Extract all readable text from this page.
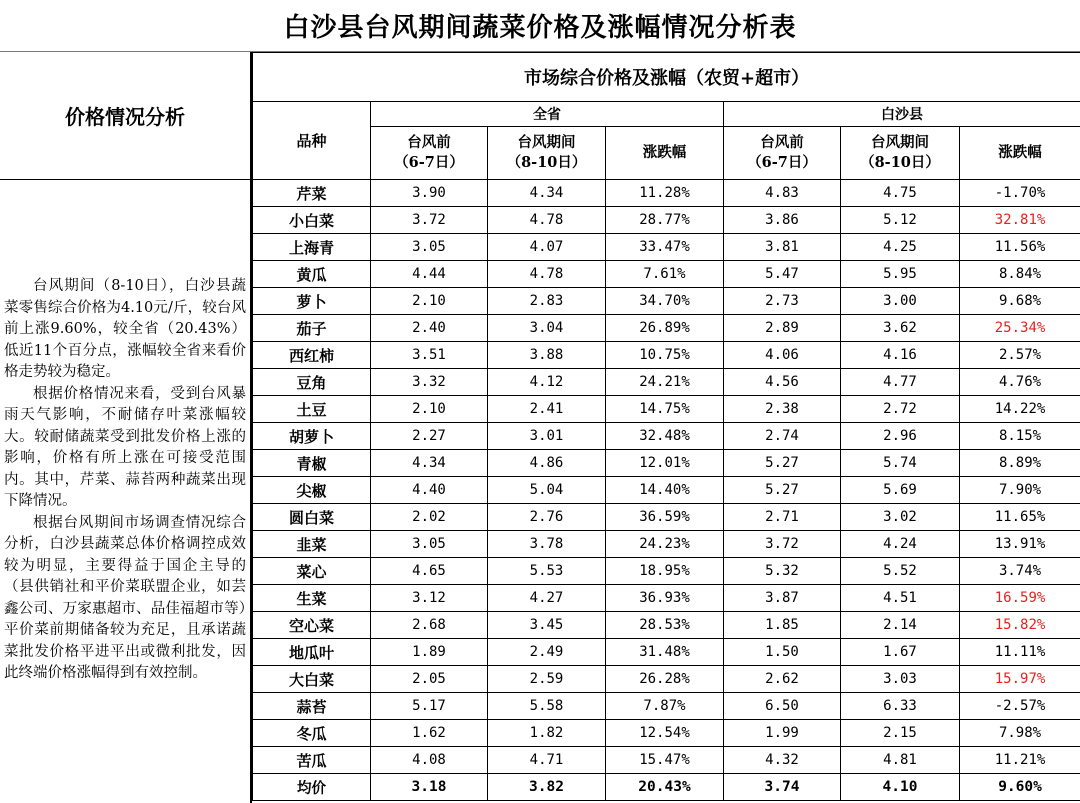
白沙县台风期间蔬菜价格及涨幅情况分析表
价格情况分析

台风期间（8-10日），白沙县蔬菜零售综合价格为4.10元/斤，较台风前上涨9.60%，较全省（20.43%）低近11个百分点，涨幅较全省来看价格走势较为稳定。

根据价格情况来看，受到台风暴雨天气影响，不耐储存叶菜涨幅较大。较耐储蔬菜受到批发价格上涨的影响，价格有所上涨在可接受范围内。其中，芹菜、蒜苔两种蔬菜出现下降情况。

根据台风期间市场调查情况综合分析，白沙县蔬菜总体价格调控成效较为明显，主要得益于国企主导的（县供销社和平价菜联盟企业，如芸鑫公司、万家惠超市、品佳福超市等）平价菜前期储备较为充足，且承诺蔬菜批发价格平进平出或微利批发，因此终端价格涨幅得到有效控制。

市场综合价格及涨幅（农贸+超市）						
品种	全省			白沙县		
	台风前
（6-7日）	台风期间
（8-10日）	涨跌幅	台风前
（6-7日）	台风期间
（8-10日）	涨跌幅
芹菜	3.90	4.34	11.28%	4.83	4.75	-1.70%
小白菜	3.72	4.78	28.77%	3.86	5.12	32.81%
上海青	3.05	4.07	33.47%	3.81	4.25	11.56%
黄瓜	4.44	4.78	7.61%	5.47	5.95	8.84%
萝卜	2.10	2.83	34.70%	2.73	3.00	9.68%
茄子	2.40	3.04	26.89%	2.89	3.62	25.34%
西红柿	3.51	3.88	10.75%	4.06	4.16	2.57%
豆角	3.32	4.12	24.21%	4.56	4.77	4.76%
土豆	2.10	2.41	14.75%	2.38	2.72	14.22%
胡萝卜	2.27	3.01	32.48%	2.74	2.96	8.15%
青椒	4.34	4.86	12.01%	5.27	5.74	8.89%
尖椒	4.40	5.04	14.40%	5.27	5.69	7.90%
圆白菜	2.02	2.76	36.59%	2.71	3.02	11.65%
韭菜	3.05	3.78	24.23%	3.72	4.24	13.91%
菜心	4.65	5.53	18.95%	5.32	5.52	3.74%
生菜	3.12	4.27	36.93%	3.87	4.51	16.59%
空心菜	2.68	3.45	28.53%	1.85	2.14	15.82%
地瓜叶	1.89	2.49	31.48%	1.50	1.67	11.11%
大白菜	2.05	2.59	26.28%	2.62	3.03	15.97%
蒜苔	5.17	5.58	7.87%	6.50	6.33	-2.57%
冬瓜	1.62	1.82	12.54%	1.99	2.15	7.98%
苦瓜	4.08	4.71	15.47%	4.32	4.81	11.21%
均价	3.18	3.82	20.43%	3.74	4.10	9.60%
